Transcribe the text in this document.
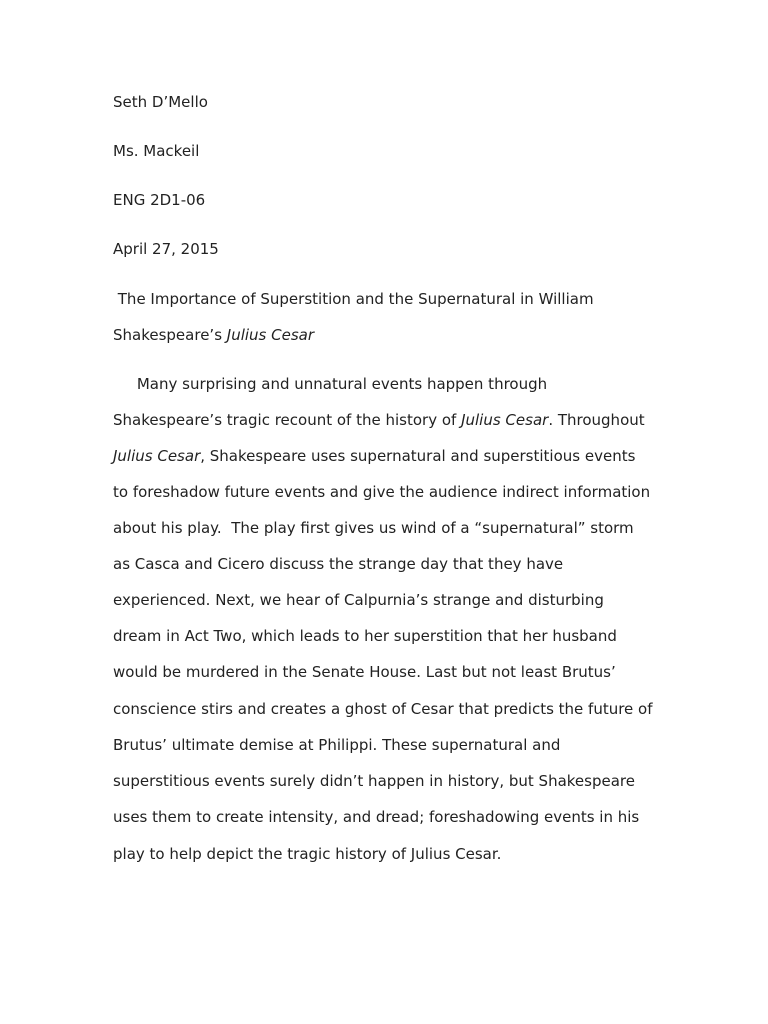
Seth D’Mello
Ms. Mackeil
ENG 2D1-06
April 27, 2015
The Importance of Superstition and the Supernatural in William
Shakespeare’s Julius Cesar
Many surprising and unnatural events happen through
Shakespeare’s tragic recount of the history of Julius Cesar. Throughout
Julius Cesar, Shakespeare uses supernatural and superstitious events
to foreshadow future events and give the audience indirect information
about his play.  The play first gives us wind of a “supernatural” storm
as Casca and Cicero discuss the strange day that they have
experienced. Next, we hear of Calpurnia’s strange and disturbing
dream in Act Two, which leads to her superstition that her husband
would be murdered in the Senate House. Last but not least Brutus’
conscience stirs and creates a ghost of Cesar that predicts the future of
Brutus’ ultimate demise at Philippi. These supernatural and
superstitious events surely didn’t happen in history, but Shakespeare
uses them to create intensity, and dread; foreshadowing events in his
play to help depict the tragic history of Julius Cesar.
